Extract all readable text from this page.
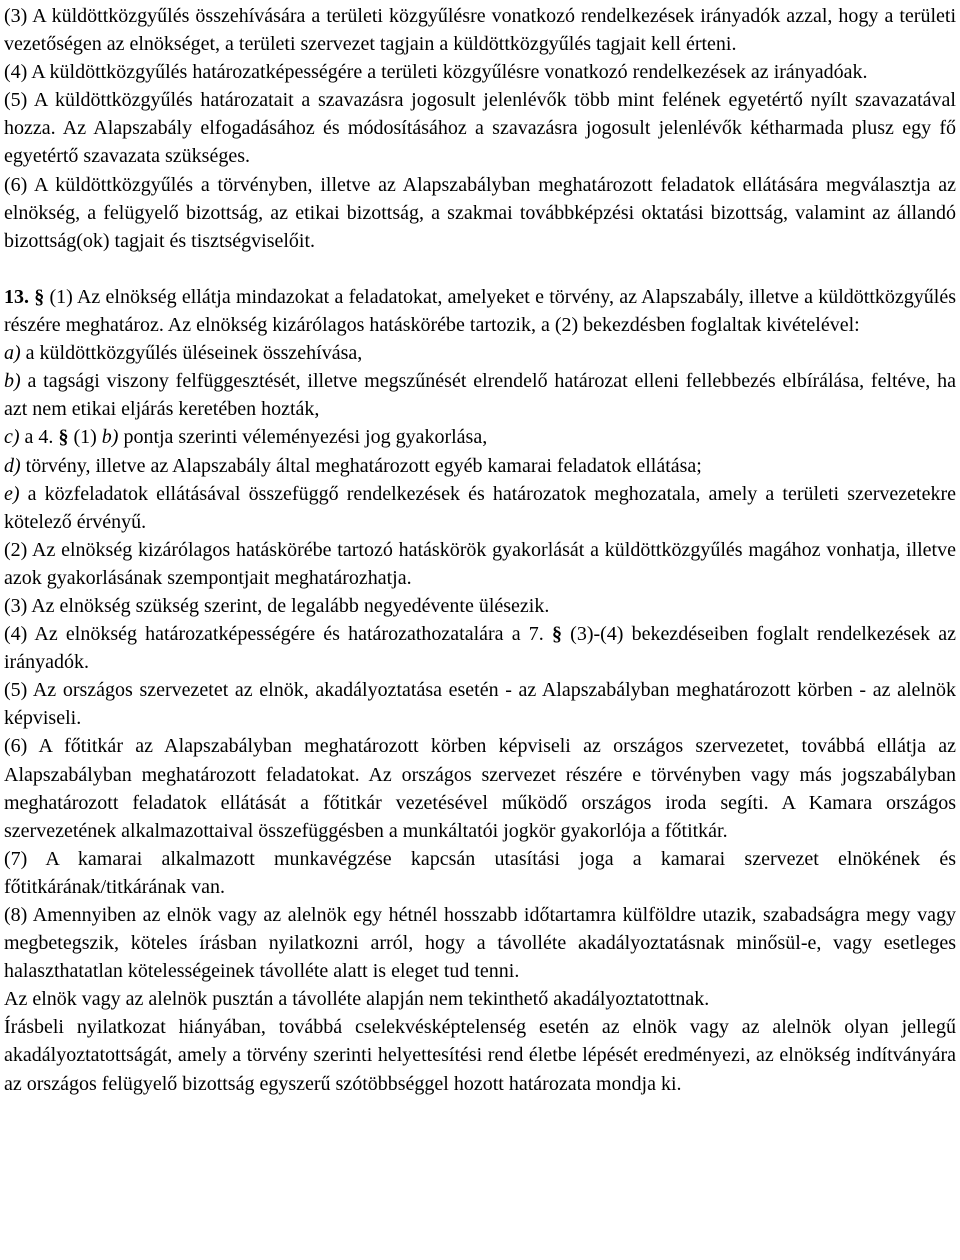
(3) A küldöttközgyűlés összehívására a területi közgyűlésre vonatkozó rendelkezések irányadók azzal, hogy a területi vezetőségen az elnökséget, a területi szervezet tagjain a küldöttközgyűlés tagjait kell érteni.

(4) A küldöttközgyűlés határozatképességére a területi közgyűlésre vonatkozó rendelkezések az irányadóak.

(5) A küldöttközgyűlés határozatait a szavazásra jogosult jelenlévők több mint felének egyetértő nyílt szavazatával hozza. Az Alapszabály elfogadásához és módosításához a szavazásra jogosult jelenlévők kétharmada plusz egy fő egyetértő szavazata szükséges.

(6) A küldöttközgyűlés a törvényben, illetve az Alapszabályban meghatározott feladatok ellátására megválasztja az elnökség, a felügyelő bizottság, az etikai bizottság, a szakmai továbbképzési oktatási bizottság, valamint az állandó bizottság(ok) tagjait és tisztségviselőit.

13. § (1) Az elnökség ellátja mindazokat a feladatokat, amelyeket e törvény, az Alapszabály, illetve a küldöttközgyűlés részére meghatároz. Az elnökség kizárólagos hatáskörébe tartozik, a (2) bekezdésben foglaltak kivételével:

a) a küldöttközgyűlés üléseinek összehívása,

b) a tagsági viszony felfüggesztését, illetve megszűnését elrendelő határozat elleni fellebbezés elbírálása, feltéve, ha azt nem etikai eljárás keretében hozták,

c) a 4. § (1) b) pontja szerinti véleményezési jog gyakorlása,

d) törvény, illetve az Alapszabály által meghatározott egyéb kamarai feladatok ellátása;

e) a közfeladatok ellátásával összefüggő rendelkezések és határozatok meghozatala, amely a területi szervezetekre kötelező érvényű.

(2) Az elnökség kizárólagos hatáskörébe tartozó hatáskörök gyakorlását a küldöttközgyűlés magához vonhatja, illetve azok gyakorlásának szempontjait meghatározhatja.

(3) Az elnökség szükség szerint, de legalább negyedévente ülésezik.

(4) Az elnökség határozatképességére és határozathozatalára a 7. § (3)-(4) bekezdéseiben foglalt rendelkezések az irányadók.

(5) Az országos szervezetet az elnök, akadályoztatása esetén - az Alapszabályban meghatározott körben - az alelnök képviseli.

(6) A főtitkár az Alapszabályban meghatározott körben képviseli az országos szervezetet, továbbá ellátja az Alapszabályban meghatározott feladatokat. Az országos szervezet részére e törvényben vagy más jogszabályban meghatározott feladatok ellátását a főtitkár vezetésével működő országos iroda segíti. A Kamara országos szervezetének alkalmazottaival összefüggésben a munkáltatói jogkör gyakorlója a főtitkár.

(7) A kamarai alkalmazott munkavégzése kapcsán utasítási joga a kamarai szervezet elnökének és főtitkárának/titkárának van.

(8) Amennyiben az elnök vagy az alelnök egy hétnél hosszabb időtartamra külföldre utazik, szabadságra megy vagy megbetegszik, köteles írásban nyilatkozni arról, hogy a távolléte akadályoztatásnak minősül-e, vagy esetleges halaszthatatlan kötelességeinek távolléte alatt is eleget tud tenni.

Az elnök vagy az alelnök pusztán a távolléte alapján nem tekinthető akadályoztatottnak.

Írásbeli nyilatkozat hiányában, továbbá cselekvésképtelenség esetén az elnök vagy az alelnök olyan jellegű akadályoztatottságát, amely a törvény szerinti helyettesítési rend életbe lépését eredményezi, az elnökség indítványára az országos felügyelő bizottság egyszerű szótöbbséggel hozott határozata mondja ki.
